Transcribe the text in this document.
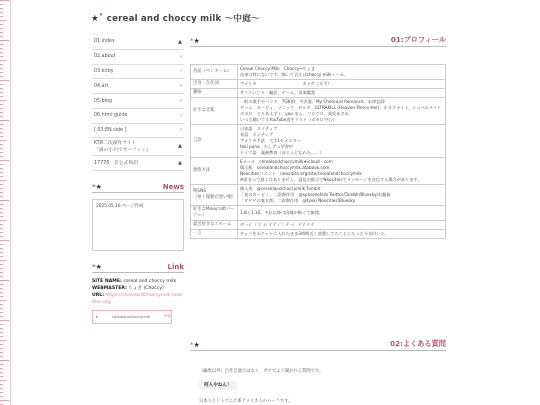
★★ cereal and choccy milk 〜中庭〜
01.index	▲
02.about	›
03.kirby	›
04.art	›
05.blog	›
06.html guide	›
[ 03:EN side ]	›
KTR二次創作サイト
『森の小川でサーフィン』
▲
17776　非公式和訳	▲
*★	News
2025.05.16 ページ作成
*★	Link
SITE NAME: cereal and choccy milk
WEBMASTER: ちょき (Choccy)
URL: https://cerealandchoccymilk.neocities.org
★	cerealandchoccymilk	中庭
*★	01:プロフィール
名前（ペンネーム）	Cereal Choccy Milk　Choccy→ちょき
由来は特にないです。強いて言えばchoccy milkミーム。
出身・在住国	アメリカ　　　　　　　　　　　カナダ（太平）
趣味	サイトいじり、翻訳、ゲーム、音楽鑑賞
好きな音楽	一般の歌手やバンド　TOKIO、平沢進、My Chemical Romance、米津玄師
ゲーム　カービィ、ソニック、ゼルダ、ULTRAKILL (Heaven Pierce Her)、ホロウナイト、ショベルナイト
ボカロ　とりあえずイ、you まん、フロクロ、真紀あさね
いつも聴いてるYouTube再生リスト（ボカロ中心）
言語	日本語　ネイティブ
英語　ネイティブ
アメリカ手話　大学1セメスター
toki pona　少しずつ学習中
ドイツ語　義務教育（ほとんど忘れた……）
連絡方法	Eメール　cerealandchoccymilk★icloud・com
掲示板　cerealandchoccymilk.atabook.com
Neocitiesコメント　neocities.org/site/cerealandchoccymilk
※常まつで遅くはありません。返信の都合でNeocitiesでメッセージを送信する場合があります。
関SNS
（殆く稼動が遅い順）	個人用　@cerealandchoccymilk Tumblr
「星のカービィ」二次創作用　@sphereoforb Twitter/Tumblr/Bluesky/お題箱
「ゲゲゲの鬼太郎」二次創作用　@tyoki Neocities/Bluesky
好きなMinecraftバージョン	1.8と1.16。それ以降は因縁が怖くて無理。
最近好きなエモーム	ｲｹﾞｰﾄﾞ（ﾞｴﾞｨﾊﾞﾃﾞﾃﾞｨﾞ）ﾃﾞｰﾝ　ﾃﾞﾃﾞﾃﾞﾃﾞ
一言	チョコをポケットに入れたまま3時間近く放置してたことにたった今気付いた。
*★	02:よくある質問
（編集以外）自作自演ではなく、ガチでよく聞かれる質問です。
何人やねん！
日本人とリトアニア系アメリカ人のハーフです。
